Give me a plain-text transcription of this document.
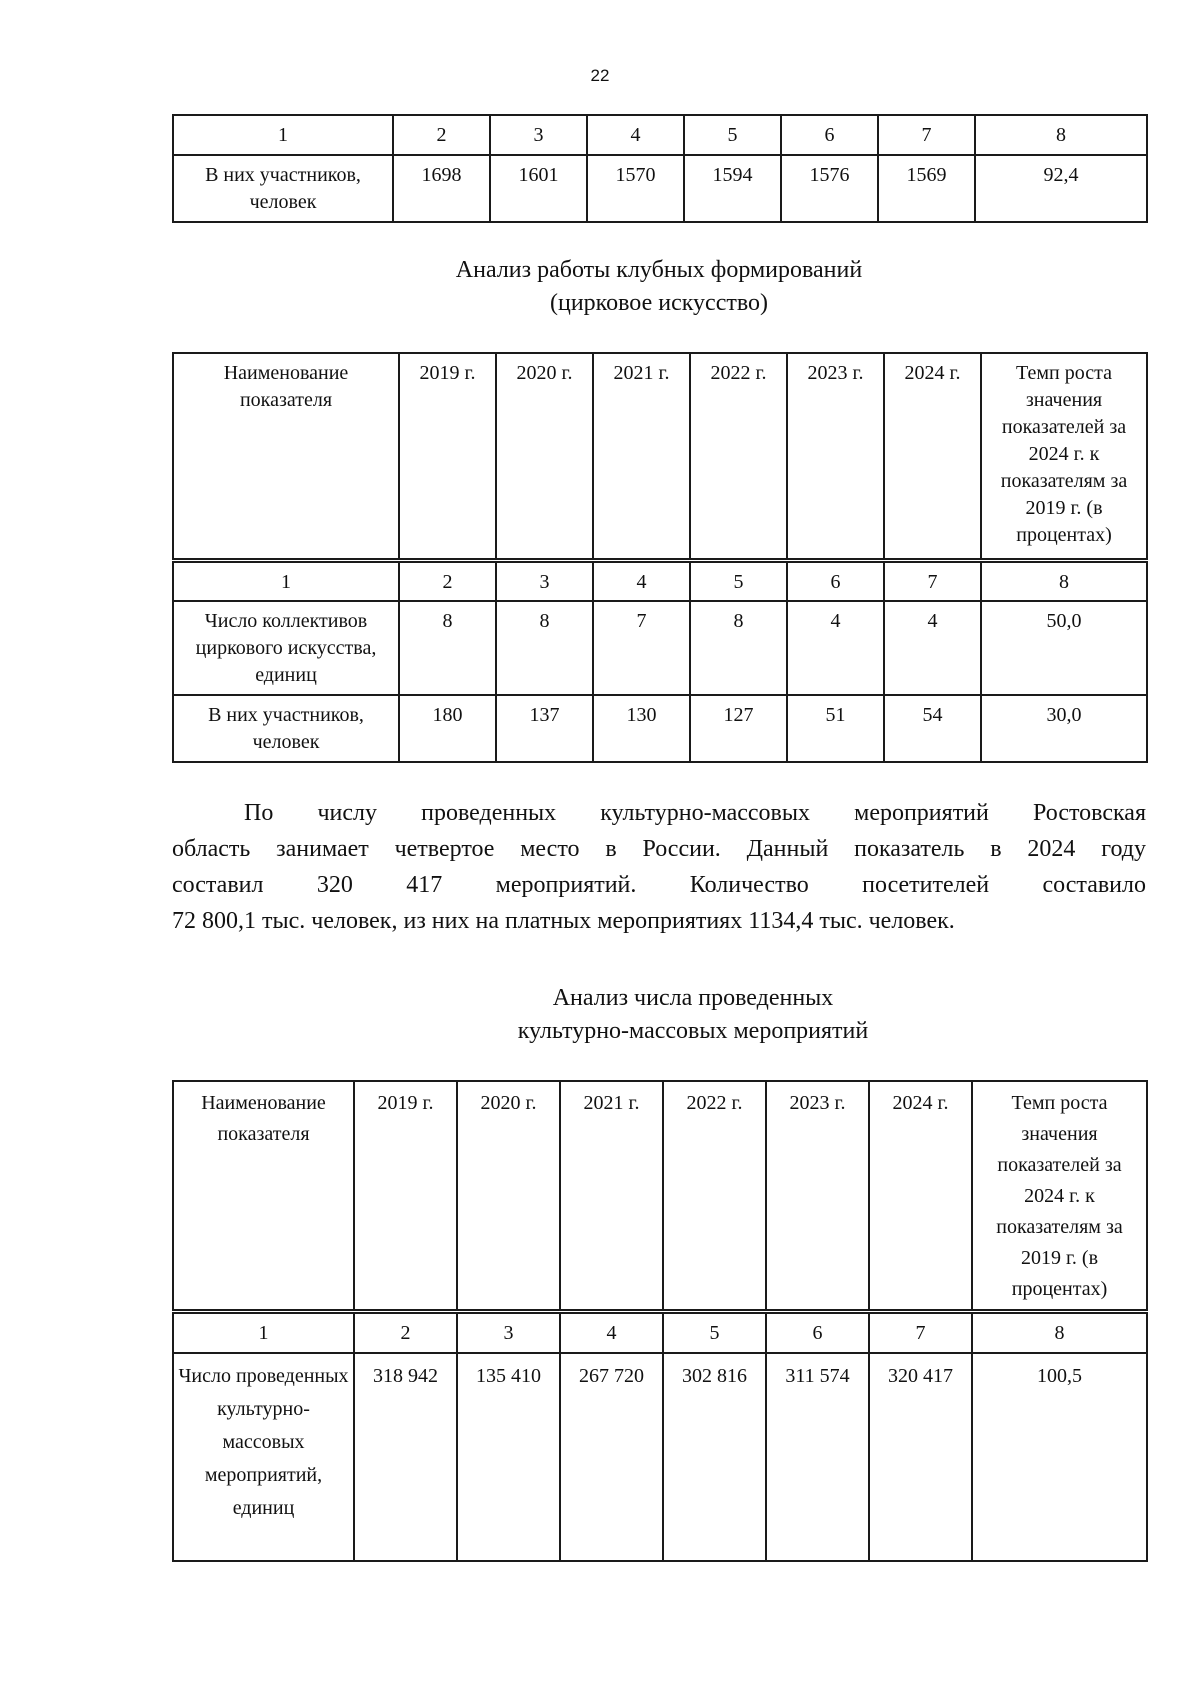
22
1	2	3	4	5	6	7	8
В них участников, человек	1698	1601	1570	1594	1576	1569	92,4
Анализ работы клубных формирований
(цирковое искусство)
Наименование показателя	2019 г.	2020 г.	2021 г.	2022 г.	2023 г.	2024 г.	Темп роста значения показателей за 2024 г. к показателям за 2019 г. (в процентах)
1	2	3	4	5	6	7	8
Число коллективов циркового искусства, единиц	8	8	7	8	4	4	50,0
В них участников, человек	180	137	130	127	51	54	30,0
По числу проведенных культурно-массовых мероприятий Ростовская
область занимает четвертое место в России. Данный показатель в 2024 году
составил 320 417 мероприятий. Количество посетителей составило
72 800,1 тыс. человек, из них на платных мероприятиях 1134,4 тыс. человек.
Анализ числа проведенных
культурно-массовых мероприятий
Наименование показателя	2019 г.	2020 г.	2021 г.	2022 г.	2023 г.	2024 г.	Темп роста значения показателей за 2024 г. к показателям за 2019 г. (в процентах)
1	2	3	4	5	6	7	8
Число проведенных культурно-массовых мероприятий, единиц	318 942	135 410	267 720	302 816	311 574	320 417	100,5
